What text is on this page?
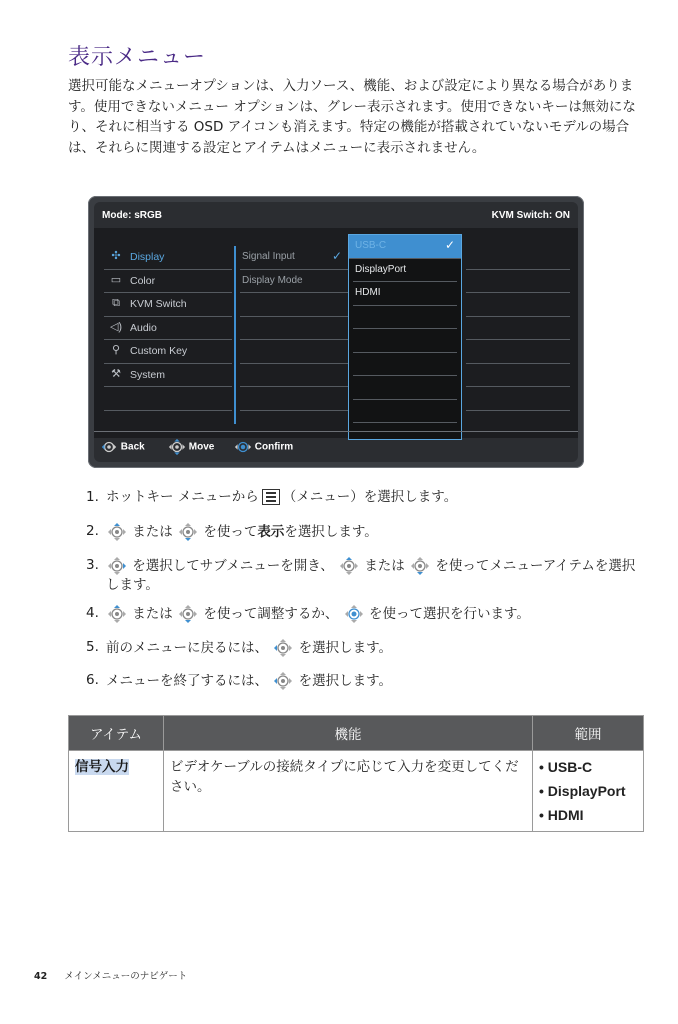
表示メニュー

選択可能なメニューオプションは、入力ソース、機能、および設定により異なる場合があります。使用できないメニュー オプションは、グレー表示されます。使用できないキーは無効になり、それに相当する OSD アイコンも消えます。特定の機能が搭載されていないモデルの場合は、それらに関連する設定とアイテムはメニューに表示されません。

Mode: sRGB	KVM Switch: ON
✣ Display
▭ Color
⧉ KVM Switch
◁) Audio
⚲ Custom Key
⚒ System
Signal Input	✓
Display Mode
USB-C	✓
DisplayPort
HDMI
Back	Move	Confirm
1. ホットキー メニューから （メニュー）を選択します。
2.	または を使って表示を選択します。
3.	を選択してサブメニューを開き、 または を使ってメニューアイテムを選択します。
4.	または を使って調整するか、 を使って選択を行います。
5. 前のメニューに戻るには、 を選択します。
6. メニューを終了するには、 を選択します。
アイテム	機能	範囲
信号入力	ビデオケーブルの接続タイプに応じて入力を変更してください。	• USB-C
• DisplayPort
• HDMI
42 メインメニューのナビゲート
